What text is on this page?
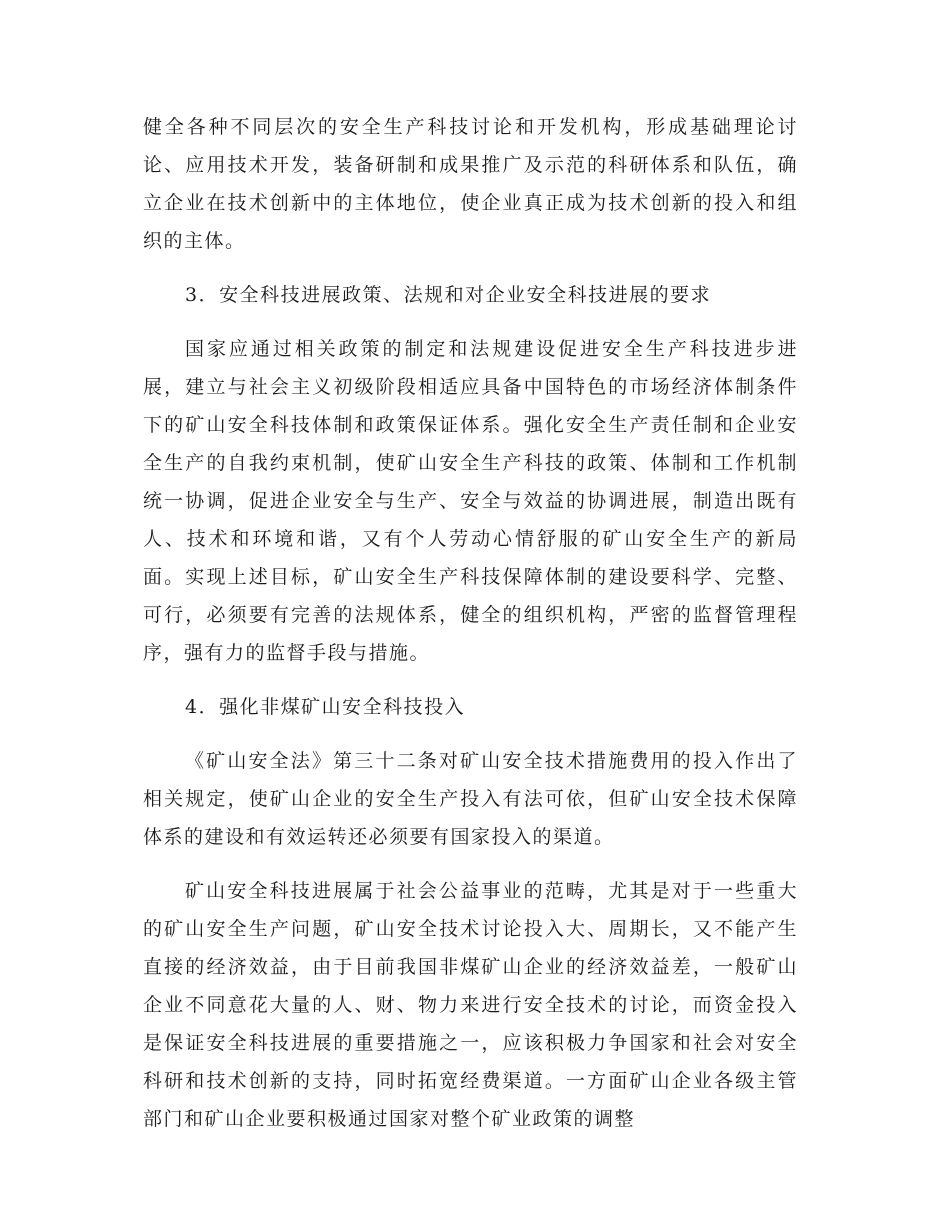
健全各种不同层次的安全生产科技讨论和开发机构，形成基础理论讨论、应用技术开发，装备研制和成果推广及示范的科研体系和队伍，确立企业在技术创新中的主体地位，使企业真正成为技术创新的投入和组织的主体。

3．安全科技进展政策、法规和对企业安全科技进展的要求

国家应通过相关政策的制定和法规建设促进安全生产科技进步进展，建立与社会主义初级阶段相适应具备中国特色的市场经济体制条件下的矿山安全科技体制和政策保证体系。强化安全生产责任制和企业安全生产的自我约束机制，使矿山安全生产科技的政策、体制和工作机制统一协调，促进企业安全与生产、安全与效益的协调进展，制造出既有人、技术和环境和谐，又有个人劳动心情舒服的矿山安全生产的新局面。实现上述目标，矿山安全生产科技保障体制的建设要科学、完整、可行，必须要有完善的法规体系，健全的组织机构，严密的监督管理程序，强有力的监督手段与措施。

4．强化非煤矿山安全科技投入

《矿山安全法》第三十二条对矿山安全技术措施费用的投入作出了相关规定，使矿山企业的安全生产投入有法可依，但矿山安全技术保障体系的建设和有效运转还必须要有国家投入的渠道。

矿山安全科技进展属于社会公益事业的范畴，尤其是对于一些重大的矿山安全生产问题，矿山安全技术讨论投入大、周期长，又不能产生直接的经济效益，由于目前我国非煤矿山企业的经济效益差，一般矿山企业不同意花大量的人、财、物力来进行安全技术的讨论，而资金投入是保证安全科技进展的重要措施之一，应该积极力争国家和社会对安全科研和技术创新的支持，同时拓宽经费渠道。一方面矿山企业各级主管部门和矿山企业要积极通过国家对整个矿业政策的调整
